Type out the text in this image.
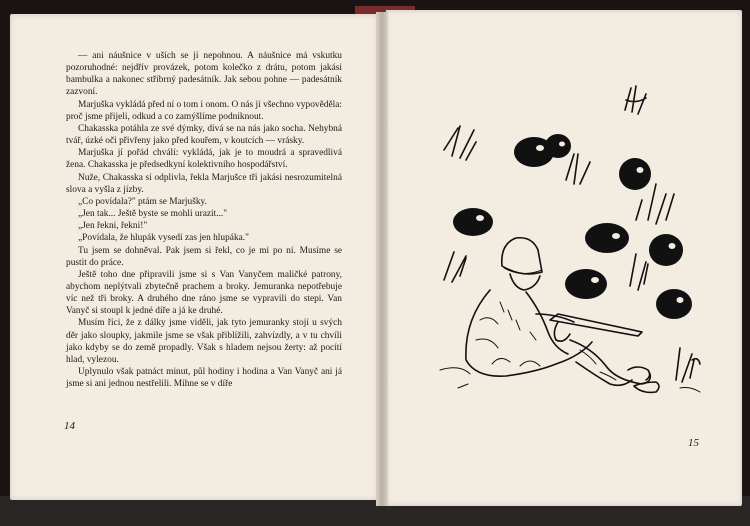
— ani náušnice v uších se jí nepohnou. A náušnice má vskutku pozoruhodné: nejdřív provázek, potom kolečko z drátu, potom jakási bambulka a nakonec stříbrný padesátník. Jak sebou pohne — padesátník zazvoní.

Marjuška vykládá před ní o tom i onom. O nás jí všechno vypověděla: proč jsme přijeli, odkud a co zamýšlíme podniknout.

Chakasska potáhla ze své dýmky, dívá se na nás jako socha. Nehybná tvář, úzké oči přivřeny jako před kouřem, v koutcích — vrásky.

Marjuška jí pořád chválí: vykládá, jak je to moudrá a spravedlivá žena. Chakasska je předsedkyní kolektivního hospodářství.

Nuže, Chakasska si odplivla, řekla Marjušce tři jakási nesrozumitelná slova a vyšla z jízby.

„Co povídala?" ptám se Marjušky.

„Jen tak... Ještě byste se mohli urazit..."

„Jen řekni, řekni!"

„Povídala, že hlupák vysedí zas jen hlupáka."

Tu jsem se dohněval. Pak jsem si řekl, co je mi po ní. Musíme se pustit do práce.

Ještě toho dne připravili jsme si s Van Vanyčem maličké patrony, abychom neplýtvali zbytečně prachem a broky. Jemuranka nepotřebuje víc než tři broky. A druhého dne ráno jsme se vypravili do stepi. Van Vanyč si stoupl k jedné díře a já ke druhé.

Musím říci, že z dálky jsme viděli, jak tyto jemuranky stojí u svých děr jako sloupky, jakmile jsme se však přiblížili, zahvízdly, a v tu chvíli jako kdyby se do země propadly. Však s hladem nejsou žerty: až pocítí hlad, vylezou.

Uplynulo však patnáct minut, půl hodiny i hodina a Van Vanyč ani já jsme si ani jednou nestřelili. Mihne se v díře

14
15
